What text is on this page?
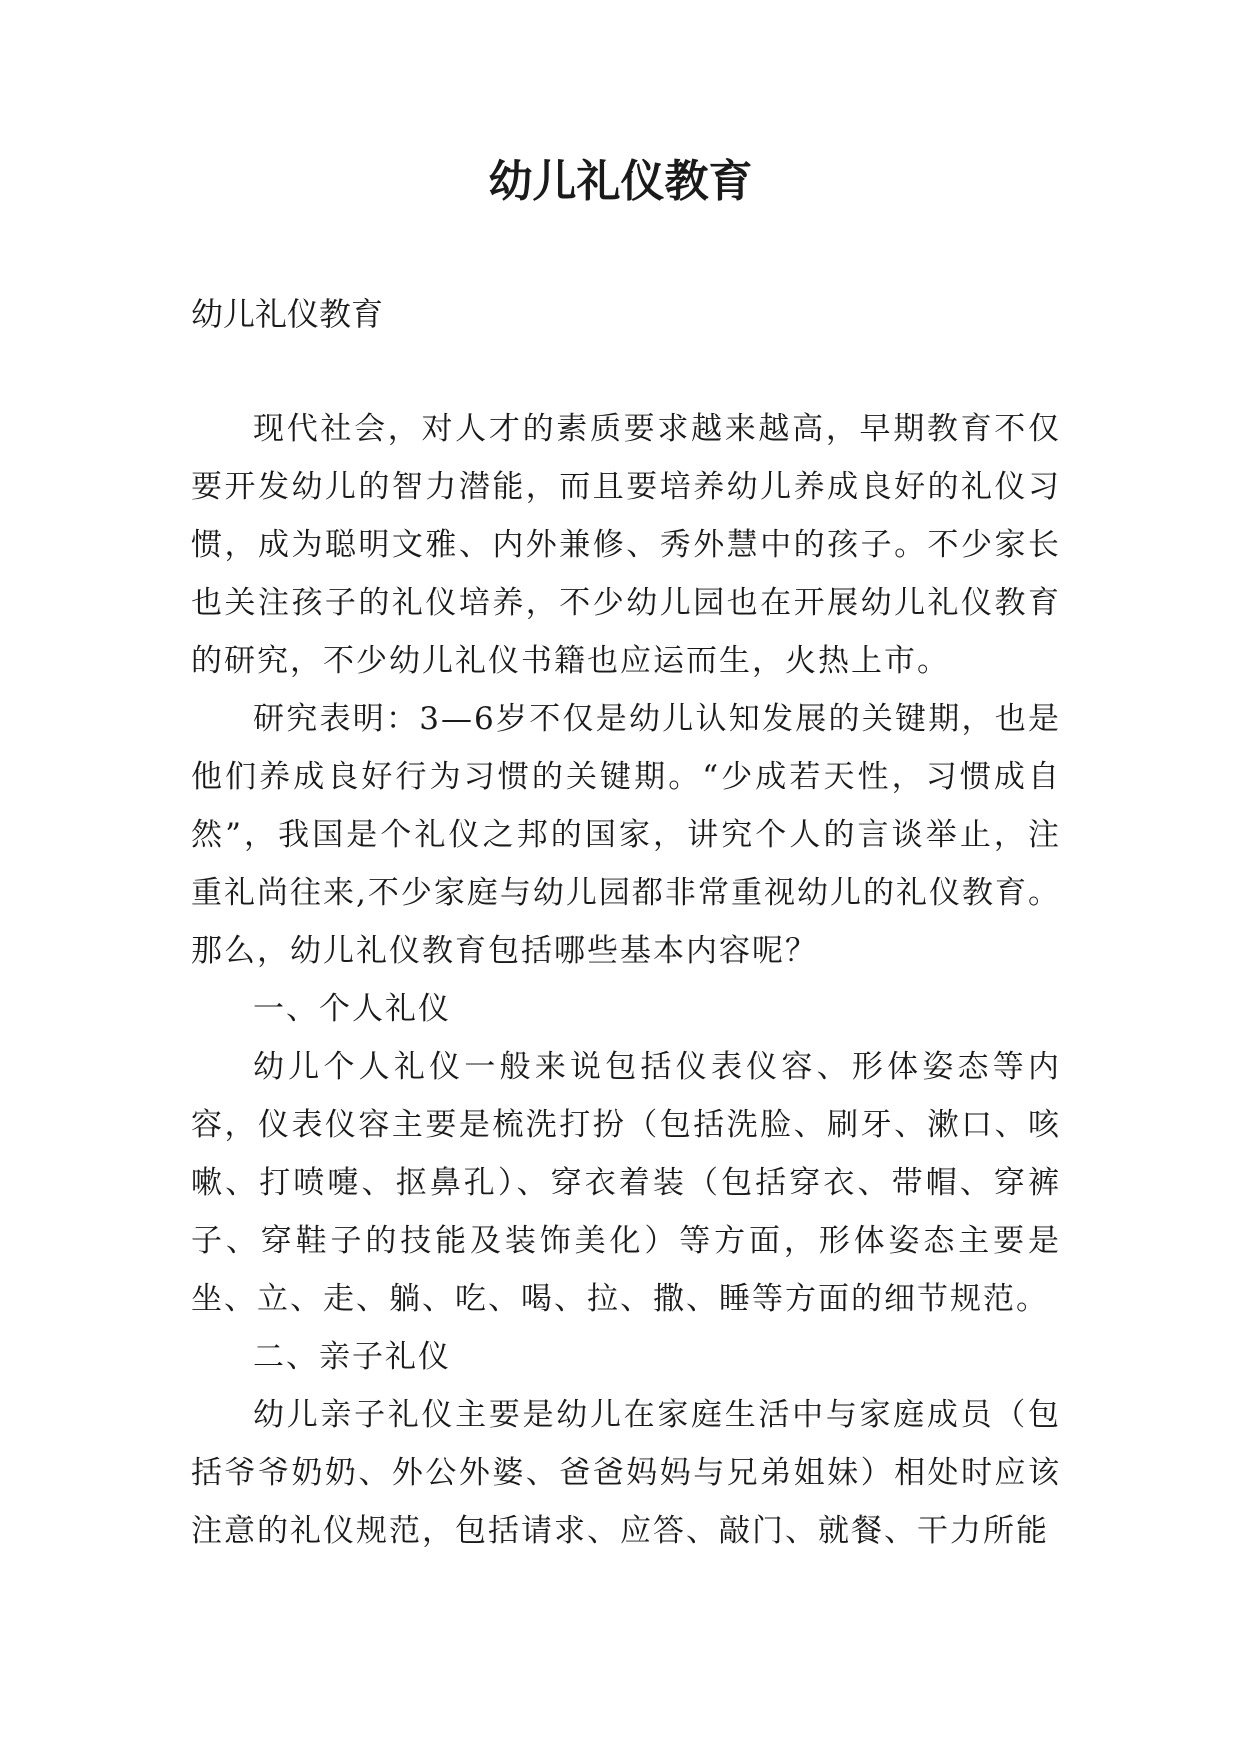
幼儿礼仪教育
幼儿礼仪教育

现代社会，对人才的素质要求越来越高，早期教育不仅要开发幼儿的智力潜能，而且要培养幼儿养成良好的礼仪习惯，成为聪明文雅、内外兼修、秀外慧中的孩子。不少家长也关注孩子的礼仪培养，不少幼儿园也在开展幼儿礼仪教育的研究，不少幼儿礼仪书籍也应运而生，火热上市。

研究表明：3—6岁不仅是幼儿认知发展的关键期，也是他们养成良好行为习惯的关键期。“少成若天性，习惯成自然”，我国是个礼仪之邦的国家，讲究个人的言谈举止，注重礼尚往来,不少家庭与幼儿园都非常重视幼儿的礼仪教育。那么，幼儿礼仪教育包括哪些基本内容呢？

一、个人礼仪

幼儿个人礼仪一般来说包括仪表仪容、形体姿态等内容，仪表仪容主要是梳洗打扮（包括洗脸、刷牙、漱口、咳嗽、打喷嚏、抠鼻孔）、穿衣着装（包括穿衣、带帽、穿裤子、穿鞋子的技能及装饰美化）等方面，形体姿态主要是坐、立、走、躺、吃、喝、拉、撒、睡等方面的细节规范。

二、亲子礼仪

幼儿亲子礼仪主要是幼儿在家庭生活中与家庭成员（包括爷爷奶奶、外公外婆、爸爸妈妈与兄弟姐妹）相处时应该注意的礼仪规范，包括请求、应答、敲门、就餐、干力所能
